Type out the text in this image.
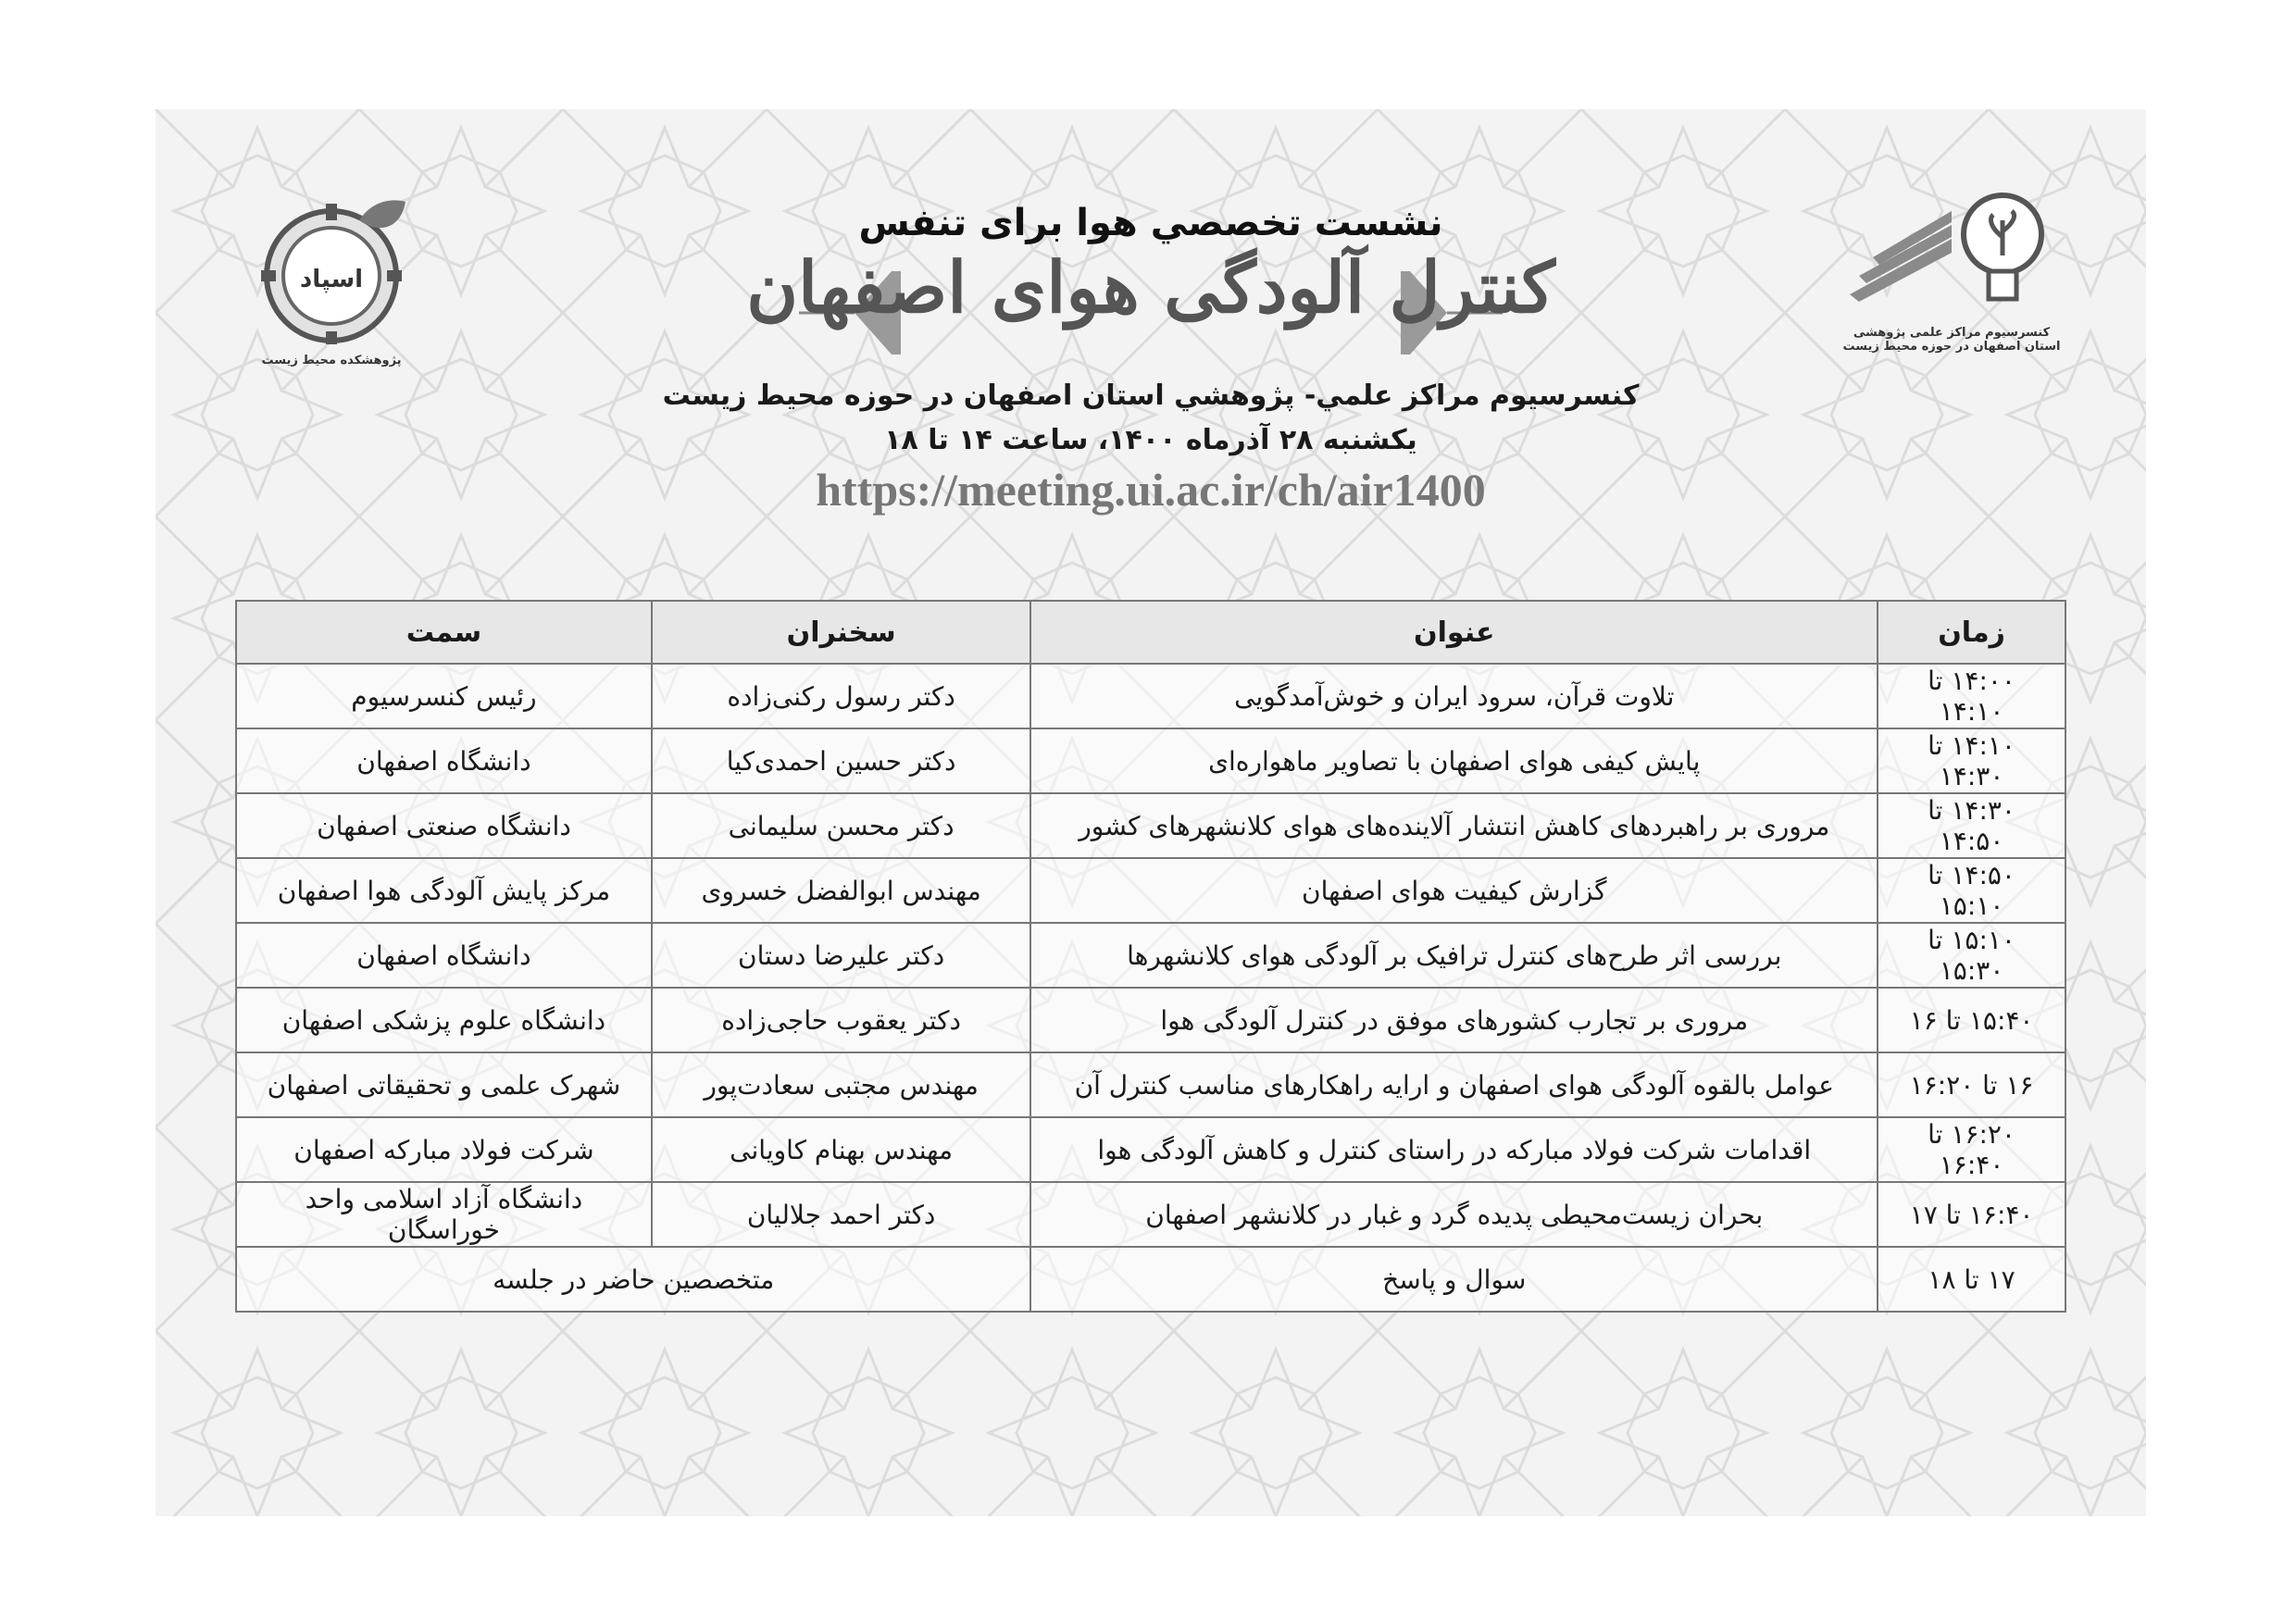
اسپاد
پژوهشکده محیط زیست
نشست تخصصي هوا براى تنفس
كنترل آلودگى هواى اصفهان
كنسرسيوم مراكز علمي- پژوهشي استان اصفهان در حوزه محيط زيست
يكشنبه ۲۸ آذرماه ۱۴۰۰، ساعت ۱۴ تا ۱۸
https://meeting.ui.ac.ir/ch/air1400
کنسرسیوم مراکز علمی پژوهشی استان اصفهان در حوزه محیط زیست
زمان	عنوان	سخنران	سمت
۱۴:۰۰ تا ۱۴:۱۰	تلاوت قرآن، سرود ايران و خوش‌آمدگويى	دكتر رسول ركنى‌زاده	رئيس كنسرسيوم
۱۴:۱۰ تا ۱۴:۳۰	پايش كيفى هواى اصفهان با تصاوير ماهواره‌اى	دكتر حسين احمدى‌كيا	دانشگاه اصفهان
۱۴:۳۰ تا ۱۴:۵۰	مرورى بر راهبردهاى كاهش انتشار آلاينده‌هاى هواى كلانشهرهاى كشور	دكتر محسن سليمانى	دانشگاه صنعتى اصفهان
۱۴:۵۰ تا ۱۵:۱۰	گزارش كيفيت هواى اصفهان	مهندس ابوالفضل خسروى	مركز پايش آلودگى هوا اصفهان
۱۵:۱۰ تا ۱۵:۳۰	بررسى اثر طرح‌هاى كنترل ترافيک بر آلودگى هواى كلانشهرها	دكتر عليرضا دستان	دانشگاه اصفهان
۱۵:۴۰ تا ۱۶	مرورى بر تجارب كشورهاى موفق در كنترل آلودگى هوا	دكتر يعقوب حاجى‌زاده	دانشگاه علوم پزشكى اصفهان
۱۶ تا ۱۶:۲۰	عوامل بالقوه آلودگى هواى اصفهان و ارايه راهكارهاى مناسب كنترل آن	مهندس مجتبى سعادت‌پور	شهرک علمى و تحقيقاتى اصفهان
۱۶:۲۰ تا ۱۶:۴۰	اقدامات شركت فولاد مباركه در راستاى كنترل و كاهش آلودگى هوا	مهندس بهنام كاويانى	شركت فولاد مباركه اصفهان
۱۶:۴۰ تا ۱۷	بحران زيست‌محيطى پديده گرد و غبار در كلانشهر اصفهان	دكتر احمد جلاليان	دانشگاه آزاد اسلامى واحد خوراسگان
۱۷ تا ۱۸	سوال و پاسخ	متخصصين حاضر در جلسه	
